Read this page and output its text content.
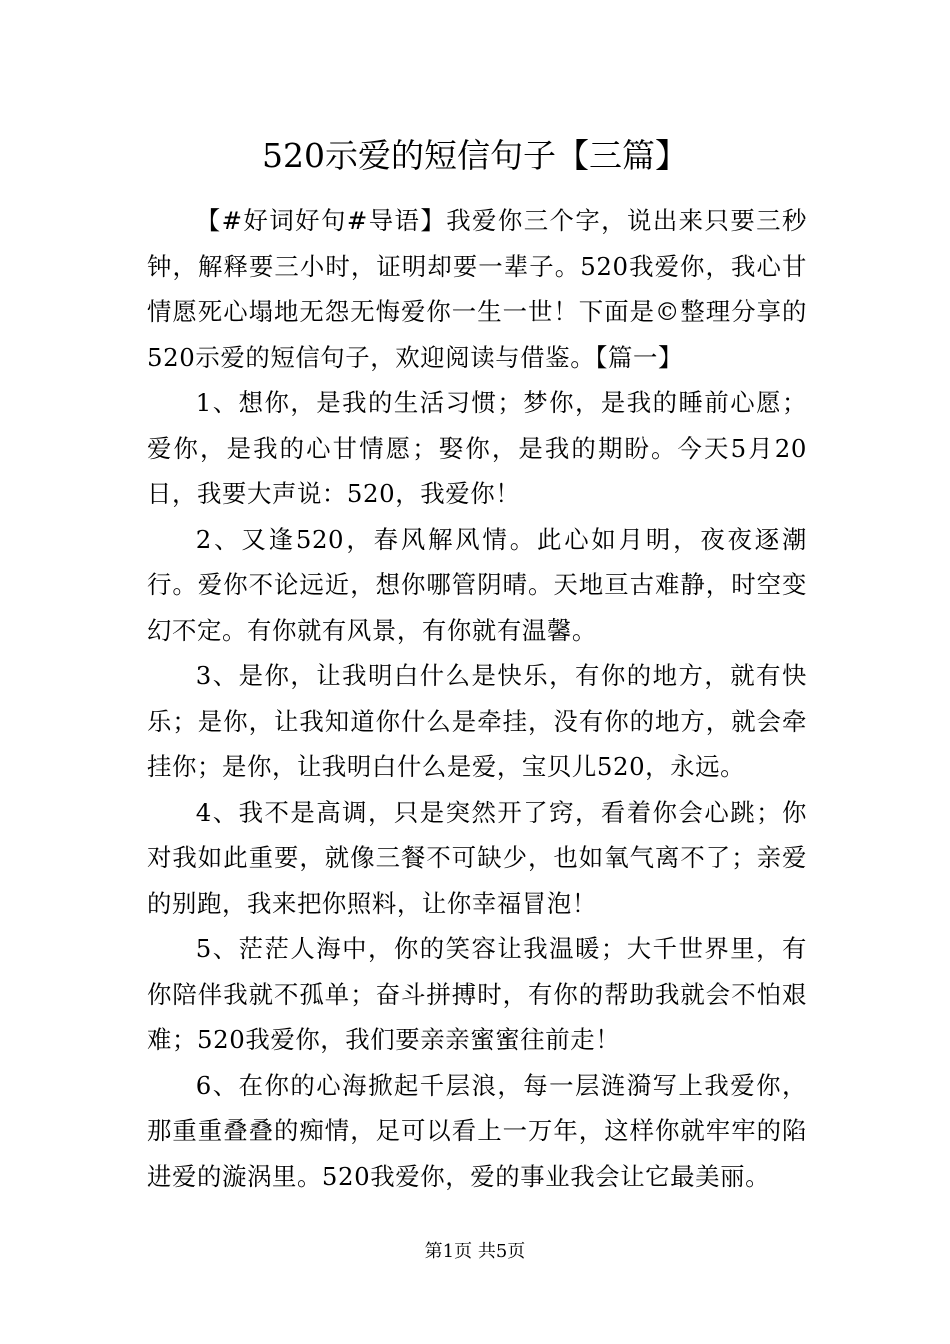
520示爱的短信句子【三篇】

【#好词好句#导语】我爱你三个字，说出来只要三秒钟，解释要三小时，证明却要一辈子。520我爱你，我心甘情愿死心塌地无怨无悔爱你一生一世！下面是©整理分享的520示爱的短信句子，欢迎阅读与借鉴。【篇一】

1、想你，是我的生活习惯；梦你，是我的睡前心愿；爱你，是我的心甘情愿；娶你，是我的期盼。今天5月20日，我要大声说：520，我爱你！

2、又逢520，春风解风情。此心如月明，夜夜逐潮行。爱你不论远近，想你哪管阴晴。天地亘古难静，时空变幻不定。有你就有风景，有你就有温馨。

3、是你，让我明白什么是快乐，有你的地方，就有快乐；是你，让我知道你什么是牵挂，没有你的地方，就会牵挂你；是你，让我明白什么是爱，宝贝儿520，永远。

4、我不是高调，只是突然开了窍，看着你会心跳；你对我如此重要，就像三餐不可缺少，也如氧气离不了；亲爱的别跑，我来把你照料，让你幸福冒泡！

5、茫茫人海中，你的笑容让我温暖；大千世界里，有你陪伴我就不孤单；奋斗拼搏时，有你的帮助我就会不怕艰难；520我爱你，我们要亲亲蜜蜜往前走！

6、在你的心海掀起千层浪，每一层涟漪写上我爱你，那重重叠叠的痴情，足可以看上一万年，这样你就牢牢的陷进爱的漩涡里。520我爱你，爱的事业我会让它最美丽。

第1页 共5页
